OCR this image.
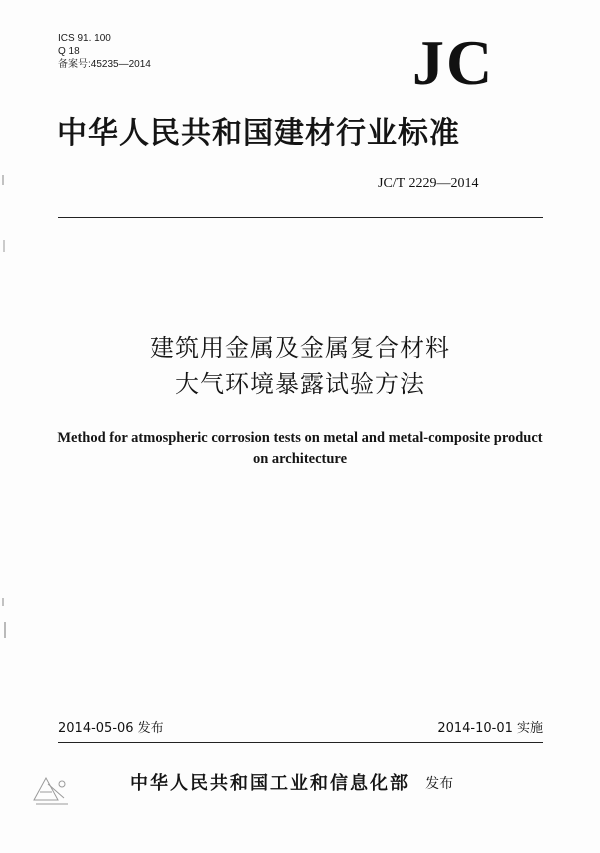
ICS 91. 100
Q 18
备案号:45235—2014	JC
中华人民共和国建材行业标准
JC/T 2229—2014
建筑用金属及金属复合材料
大气环境暴露试验方法
Method for atmospheric corrosion tests on metal and metal-composite product on architecture
2014-05-06 发布	2014-10-01 实施
中华人民共和国工业和信息化部 发布
